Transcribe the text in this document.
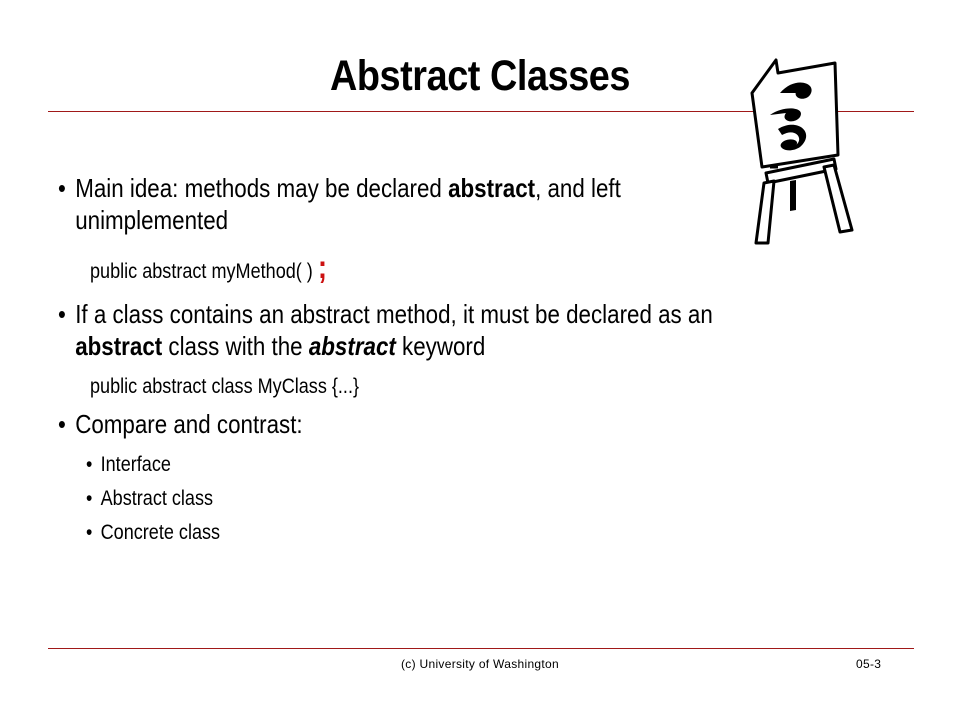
Abstract Classes
• Main idea: methods may be declared abstract, and left
unimplemented
public abstract myMethod( ) ;
• If a class contains an abstract method, it must be declared as an
abstract class with the abstract keyword
public abstract class MyClass {...}
• Compare and contrast:
• Interface
• Abstract class
• Concrete class
(c) University of Washington	05-3
